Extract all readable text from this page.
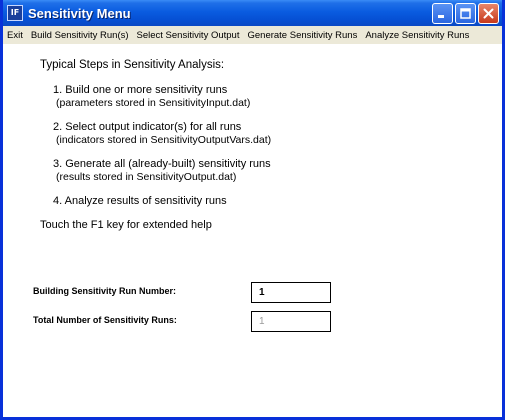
IF Sensitivity Menu
Exit Build Sensitivity Run(s) Select Sensitivity Output Generate Sensitivity Runs Analyze Sensitivity Runs
Typical Steps in Sensitivity Analysis:
1. Build one or more sensitivity runs
(parameters stored in SensitivityInput.dat)
2. Select output indicator(s) for all runs
(indicators stored in SensitivityOutputVars.dat)
3. Generate all (already-built) sensitivity runs
(results stored in SensitivityOutput.dat)
4. Analyze results of sensitivity runs
Touch the F1 key for extended help
Building Sensitivity Run Number:	1
Total Number of Sensitivity Runs:	1
